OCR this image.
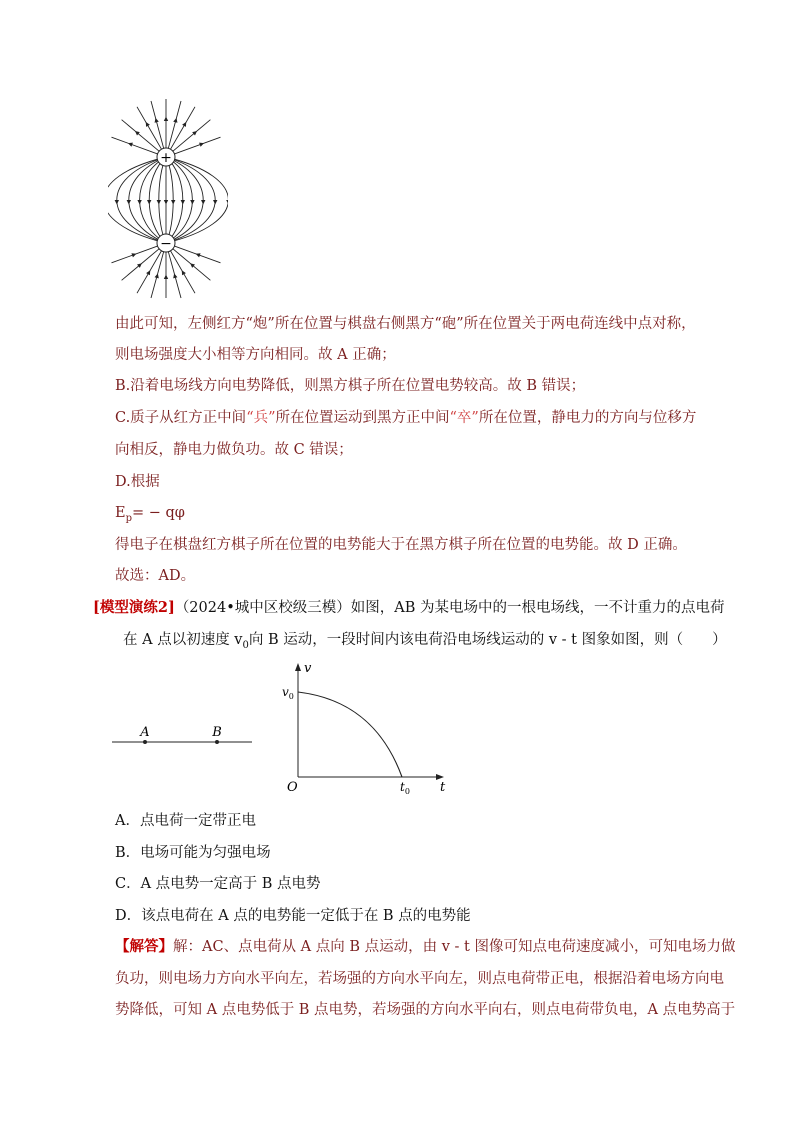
+
−
由此可知，左侧红方“炮”所在位置与棋盘右侧黑方“砲”所在位置关于两电荷连线中点对称，
则电场强度大小相等方向相同。故 A 正确；
B.沿着电场线方向电势降低，则黑方棋子所在位置电势较高。故 B 错误；
C.质子从红方正中间“兵”所在位置运动到黑方正中间“卒”所在位置，静电力的方向与位移方
向相反，静电力做负功。故 C 错误；
D.根据
$E_p= - q\varphi$
得电子在棋盘红方棋子所在位置的电势能大于在黑方棋子所在位置的电势能。故 D 正确。
故选：AD。
[模型演练2]（2024•城中区校级三模）如图，AB 为某电场中的一根电场线，一不计重力的点电荷
在 A 点以初速度 $v_0$向 B 运动，一段时间内该电荷沿电场线运动的 v - t 图象如图，则（　　）
A	B
v
$v_0$
O	t
$t_0$
A．点电荷一定带正电
B．电场可能为匀强电场
C．A 点电势一定高于 B 点电势
D．该点电荷在 A 点的电势能一定低于在 B 点的电势能
【解答】解：AC、点电荷从 A 点向 B 点运动，由 v - t 图像可知点电荷速度减小，可知电场力做
负功，则电场力方向水平向左，若场强的方向水平向左，则点电荷带正电，根据沿着电场方向电
势降低，可知 A 点电势低于 B 点电势，若场强的方向水平向右，则点电荷带负电，A 点电势高于
